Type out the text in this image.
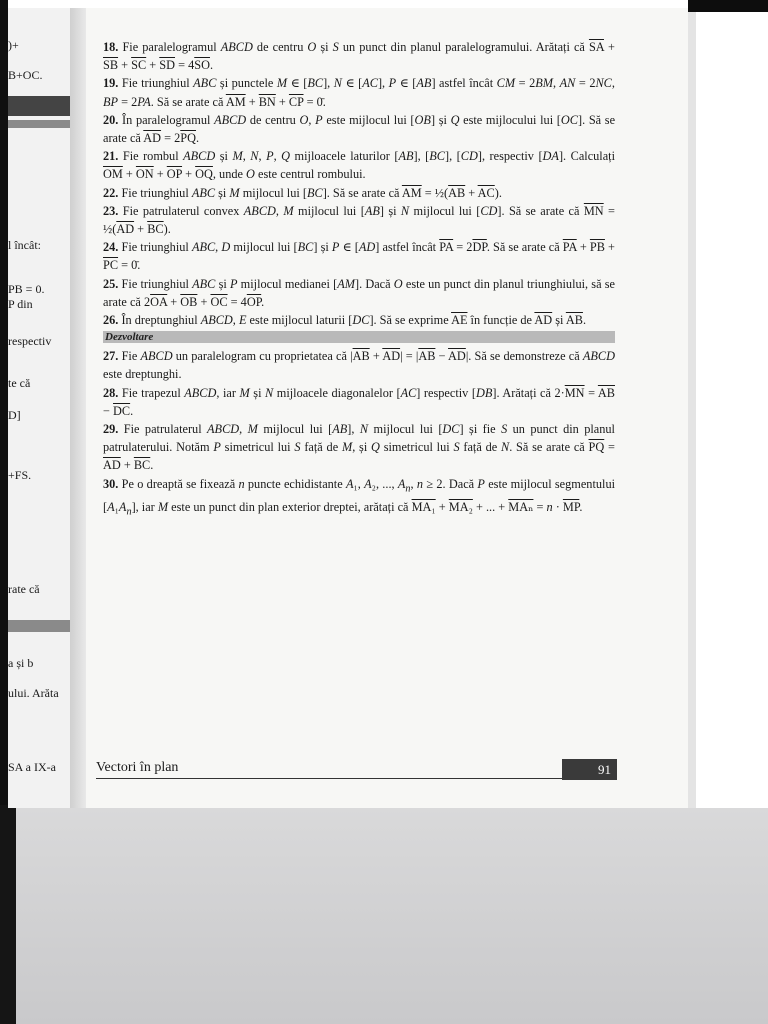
)+
B+OC.
l încât:
PB = 0.
P din
respectiv
te că
D]
+FS.
rate că
a și b
ului. Arăta
SA a IX-a

18. Fie paralelogramul ABCD de centru O și S un punct din planul paralelogramului. Arătați că $\overline{SA} + \overline{SB} + \overline{SC} + \overline{SD} = 4\overline{SO}$.

19. Fie triunghiul ABC și punctele M ∈ [BC], N ∈ [AC], P ∈ [AB] astfel încât CM = 2BM, AN = 2NC, BP = 2PA. Să se arate că $\overline{AM} + \overline{BN} + \overline{CP}$ = 0̄.

20. În paralelogramul ABCD de centru O, P este mijlocul lui [OB] și Q este mijlocului lui [OC]. Să se arate că $\overline{AD} = 2\overline{PQ}$.

21. Fie rombul ABCD și M, N, P, Q mijloacele laturilor [AB], [BC], [CD], respectiv [DA]. Calculați $\overline{OM} + \overline{ON} + \overline{OP} + \overline{OQ}$, unde O este centrul rombului.

22. Fie triunghiul ABC și M mijlocul lui [BC]. Să se arate că $\overline{AM}$ = $\frac{1}{2}(\overline{AB} + \overline{AC})$.

23. Fie patrulaterul convex ABCD, M mijlocul lui [AB] și N mijlocul lui [CD]. Să se arate că $\overline{MN}$ = $\frac{1}{2}(\overline{AD} + \overline{BC})$.

24. Fie triunghiul ABC, D mijlocul lui [BC] și P ∈ [AD] astfel încât $\overline{PA} = 2\overline{DP}$. Să se arate că $\overline{PA} + \overline{PB} + \overline{PC}$ = 0̄.

25. Fie triunghiul ABC și P mijlocul medianei [AM]. Dacă O este un punct din planul triunghiului, să se arate că $2\overline{OA} + \overline{OB} + \overline{OC} = 4\overline{OP}$.

26. În dreptunghiul ABCD, E este mijlocul laturii [DC]. Să se exprime $\overline{AE}$ în funcție de $\overline{AD}$ și $\overline{AB}$.

Dezvoltare

27. Fie ABCD un paralelogram cu proprietatea că $|\overline{AB} + \overline{AD}| = |\overline{AB} - \overline{AD}|$. Să se demonstreze că ABCD este dreptunghi.

28. Fie trapezul ABCD, iar M și N mijloacele diagonalelor [AC] respectiv [DB]. Arătați că $2\cdot\overline{MN} = \overline{AB} - \overline{DC}$.

29. Fie patrulaterul ABCD, M mijlocul lui [AB], N mijlocul lui [DC] și fie S un punct din planul patrulaterului. Notăm P simetricul lui S față de M, și Q simetricul lui S față de N. Să se arate că $\overline{PQ} = \overline{AD} + \overline{BC}$.

30. Pe o dreaptă se fixează n puncte echidistante A₁, A₂, ..., $A_n$, n ≥ 2. Dacă P este mijlocul segmentului $[A_1A_n]$, iar M este un punct din plan exterior dreptei, arătați că MA₁ + MA₂ + ... + $\overline{MA_n} = n \cdot \overline{MP}$.

Vectori în plan	91
